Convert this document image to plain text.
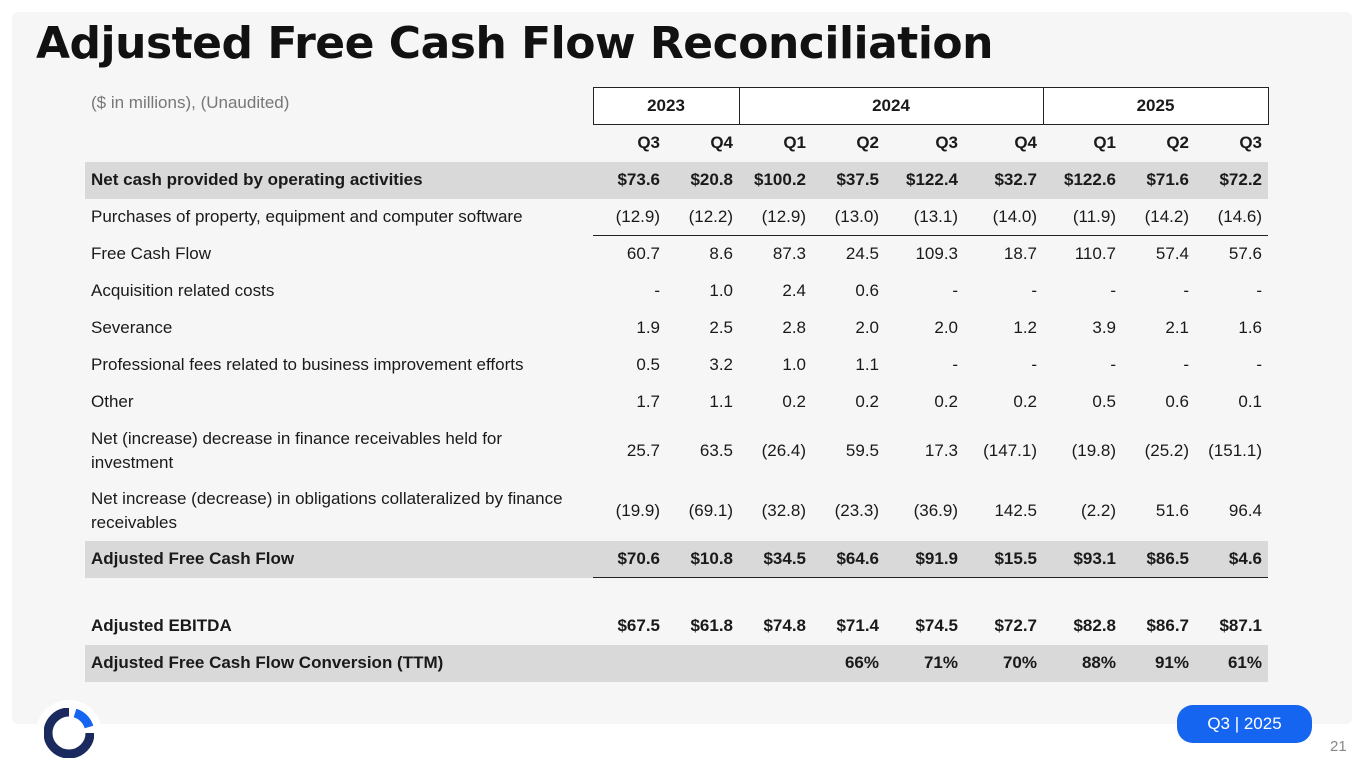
Adjusted Free Cash Flow Reconciliation
($ in millions), (Unaudited)
		2023		2024				2025		
	Q3	Q4	Q1	Q2	Q3	Q4	Q1	Q2	Q3
Net cash provided by operating activities	$73.6	$20.8	$100.2	$37.5	$122.4	$32.7	$122.6	$71.6	$72.2
Purchases of property, equipment and computer software	(12.9)	(12.2)	(12.9)	(13.0)	(13.1)	(14.0)	(11.9)	(14.2)	(14.6)
Free Cash Flow	60.7	8.6	87.3	24.5	109.3	18.7	110.7	57.4	57.6
Acquisition related costs	-	1.0	2.4	0.6	-	-	-	-	-
Severance	1.9	2.5	2.8	2.0	2.0	1.2	3.9	2.1	1.6
Professional fees related to business improvement efforts	0.5	3.2	1.0	1.1	-	-	-	-	-
Other	1.7	1.1	0.2	0.2	0.2	0.2	0.5	0.6	0.1
Net (increase) decrease in finance receivables held for investment	25.7	63.5	(26.4)	59.5	17.3	(147.1)	(19.8)	(25.2)	(151.1)
Net increase (decrease) in obligations collateralized by finance receivables	(19.9)	(69.1)	(32.8)	(23.3)	(36.9)	142.5	(2.2)	51.6	96.4
Adjusted Free Cash Flow	$70.6	$10.8	$34.5	$64.6	$91.9	$15.5	$93.1	$86.5	$4.6

Adjusted EBITDA	$67.5	$61.8	$74.8	$71.4	$74.5	$72.7	$82.8	$86.7	$87.1
Adjusted Free Cash Flow Conversion (TTM)				66%	71%	70%	88%	91%	61%
Q3 | 2025
21
